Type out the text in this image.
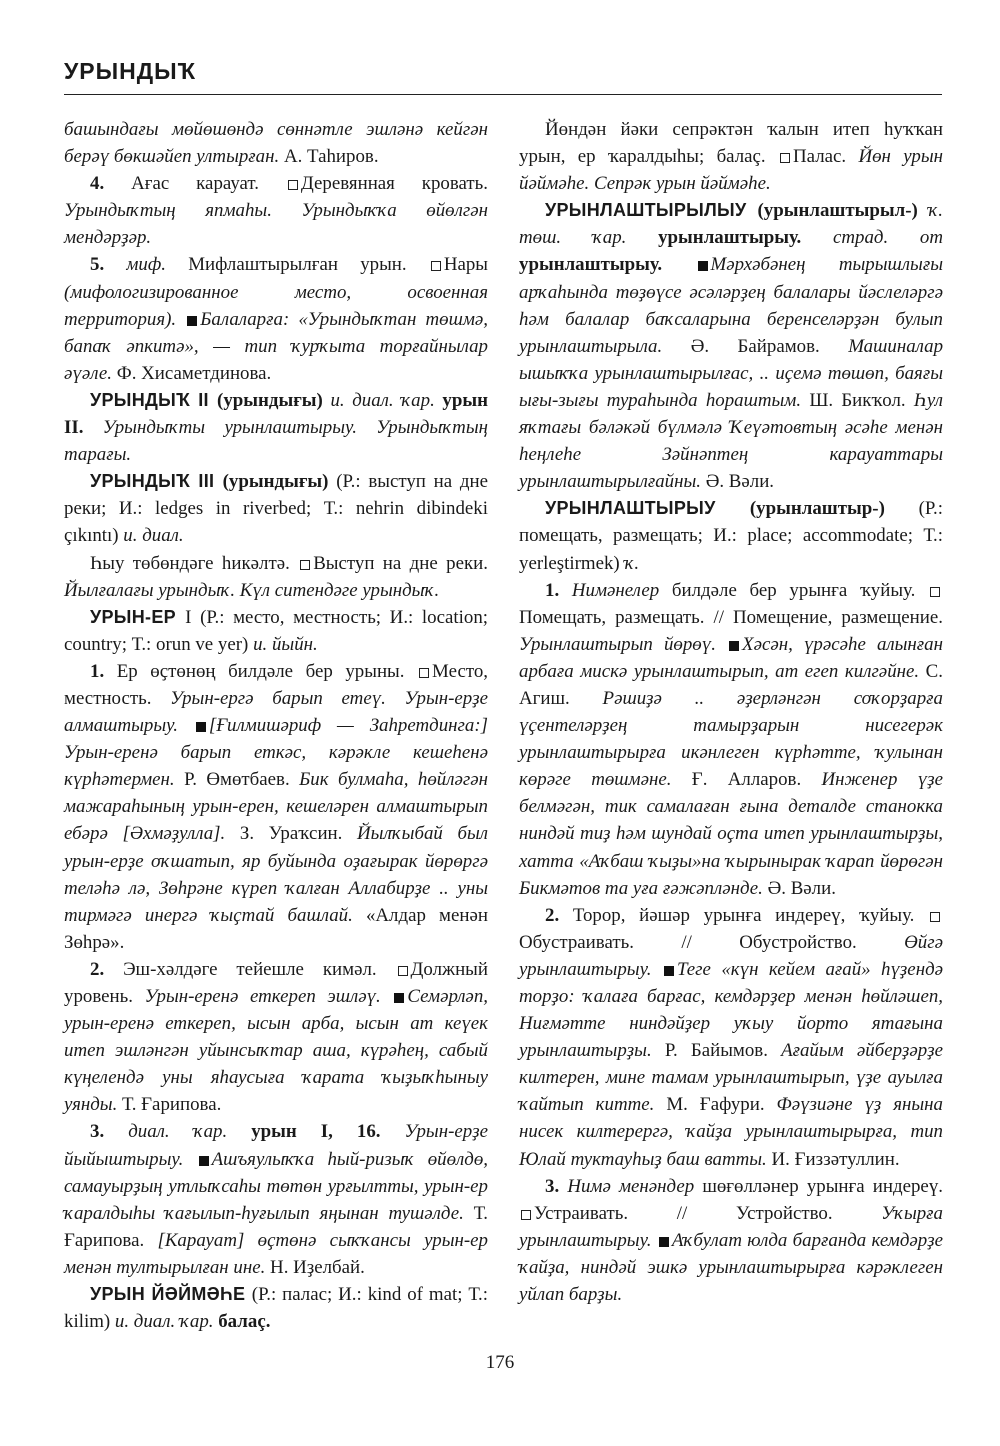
УРЫНДЫҠ

башындағы мөйөшөндә сөннәтле эшләнә кейгән берәү бөкшәйеп ултырған. А. Таһиров.

4. Ағас карауат. Деревянная кровать. Урындыҡтың япмаһы. Урындыҡҡа өйөлгән мендәрҙәр.

5. миф. Мифлаштырылған урын. Нары (мифологизированное место, освоенная территория). Балаларға: «Урындыҡтан төшмә, бапаҡ әпкитә», — тип ҡурҡыта торғайнылар әүәле. Ф. Хисаметдинова.

УРЫНДЫҠ II (урындығы) и. диал. ҡар. урын II. Урындыҡты урынлаштырыу. Урындыҡтың тарағы.

УРЫНДЫҠ III (урындығы) (Р.: выступ на дне реки; И.: ledges in riverbed; Т.: nehrin dibindeki çıkıntı) и. диал.

Һыу төбөндәге һикәлтә. Выступ на дне реки. Йылғалағы урындыҡ. Күл ситендәге урындыҡ.

УРЫН-ЕР I (Р.: место, местность; И.: location; country; Т.: orun ve yer) и. йыйн.

1. Ер өҫтөнөң билдәле бер урыны. Место, местность. Урын-ергә барып етеү. Урын-ерҙе алмаштырыу. [Ғилмишәриф — Заһретдинга:] Урын-еренә барып еткәс, кәрәкле кешеһенә күрһәтермен. Р. Өмөтбаев. Бик булмаһа, һөйләгән мажараһының урын-ерен, кешеләрен алмаштырып ебәрә [Әхмәҙулла]. З. Ураҡсин. Йылҡыбай был урын-ерҙе оҡшатып, яр буйында оҙағырак йөрөргә теләһә лә, Зөһрәне күреп ҡалған Аллабирҙе .. уны тирмәгә инергә ҡыҫтай башлай. «Алдар менән Зөһрә».

2. Эш-хәлдәге тейешле кимәл. Должный уровень. Урын-еренә еткереп эшләү. Семәрләп, урын-еренә еткереп, ысын арба, ысын ат кеүек итеп эшләнгән уйынсыҡтар аша, күрәһең, сабый күңелендә уны яһаусыға ҡарата ҡыҙыҡһыныу уянды. Т. Ғарипова.

3. диал. ҡар. урын I, 16. Урын-ерҙе йыйыштырыу. Ашъяулыҡҡа һый-ризыҡ өйөлдө, самауырҙың утлыҡсаһы төтөн урғылтты, урын-ер ҡаралдыһы ҡағылып-һуғылып яңынан тушәлде. Т. Ғарипова. [Карауат] өҫтөнә сыҡҡансы урын-ер менән тултырылған ине. Н. Иҙелбай.

УРЫН ЙӘЙМӘҺЕ (Р.: палас; И.: kind of mat; Т.: kilim) и. диал. ҡар. балаç.

Йөндән йәки сепрәктән ҡалын итеп һуҡҡан урын, ер ҡаралдыһы; балаç. Палас. Йөн урын йәймәһе. Сепрәк урын йәймәһе.

УРЫНЛАШТЫРЫЛЫУ (урынлаштырыл-) ҡ. төш. ҡар. урынлаштырыу. страд. от урынлаштырыу. Мәрхәбәнең тырышлығы арҡаһында төҙөүсе әсәләрҙең балалары йәслеләргә һәм балалар баҡсаларына беренселәрҙән булып урынлаштырыла. Ә. Байрамов. Машиналар ышыҡҡа урынлаштырылғас, .. иҫемә төшөп, баяғы ығы-зығы тураһында һораштым. Ш. Бикҡол. Һул яҡтағы бәләкәй бүлмәлә Ҡеүәтовтың әсәһе менән һеңлеһе Зәйнәптең карауаттары урынлаштырылғайны. Ә. Вәли.

УРЫНЛАШТЫРЫУ (урынлаштыр-) (Р.: помещать, размещать; И.: place; accommodate; Т.: yerleştirmek) ҡ.

1. Нимәнелер билдәле бер урынға ҡуйыу. Помещать, размещать. // Помещение, размещение. Урынлаштырып йөрөү. Хәсән, үрәсәһе алынған арбаға мискә урынлаштырып, ат егеп килгәйне. С. Агиш. Рәшиҙә .. әҙерләнгән соҡорҙарға үҫентеләрҙең тамырҙарын нисегерәк урынлаштырырға икәнлеген күрһәтте, ҡулынан көрәге төшмәне. Ғ. Алларов. Инженер үҙе белмәгән, тик самалаған ғына деталде станокка ниндәй тиҙ һәм шундай оҫта итеп урынлаштырҙы, хатта «Аҡбаш ҡыҙы»на ҡырынырак ҡарап йөрөгән Бикмәтов та уға ғәжәпләнде. Ә. Вәли.

2. Торор, йәшәр урынға индереү, ҡуйыу. Обустраивать. // Обустройство. Өйгә урынлаштырыу. Теге «күн кейем ағай» һүҙендә торҙо: ҡалаға барғас, кемдәрҙер менән һөйләшеп, Ниғмәтте ниндәйҙер уҡыу йорто ятағына урынлаштырҙы. Р. Байымов. Ағайым әйберҙәрҙе килтерен, мине тамам урынлаштырып, үҙе ауылға ҡайтып китте. М. Ғафури. Фәүзиәне үҙ янына нисек килтерергә, ҡайҙа урынлаштырырға, тип Юлай туктауһыҙ баш ватты. И. Ғиззәтуллин.

3. Нимә менәндер шөғөлләнер урынға индереү. Устраивать. // Устройство. Уҡырға урынлаштырыу. Аҡбулат юлда барғанда кемдәрҙе ҡайҙа, ниндәй эшкә урынлаштырырға кәрәклеген уйлап барҙы.

176
